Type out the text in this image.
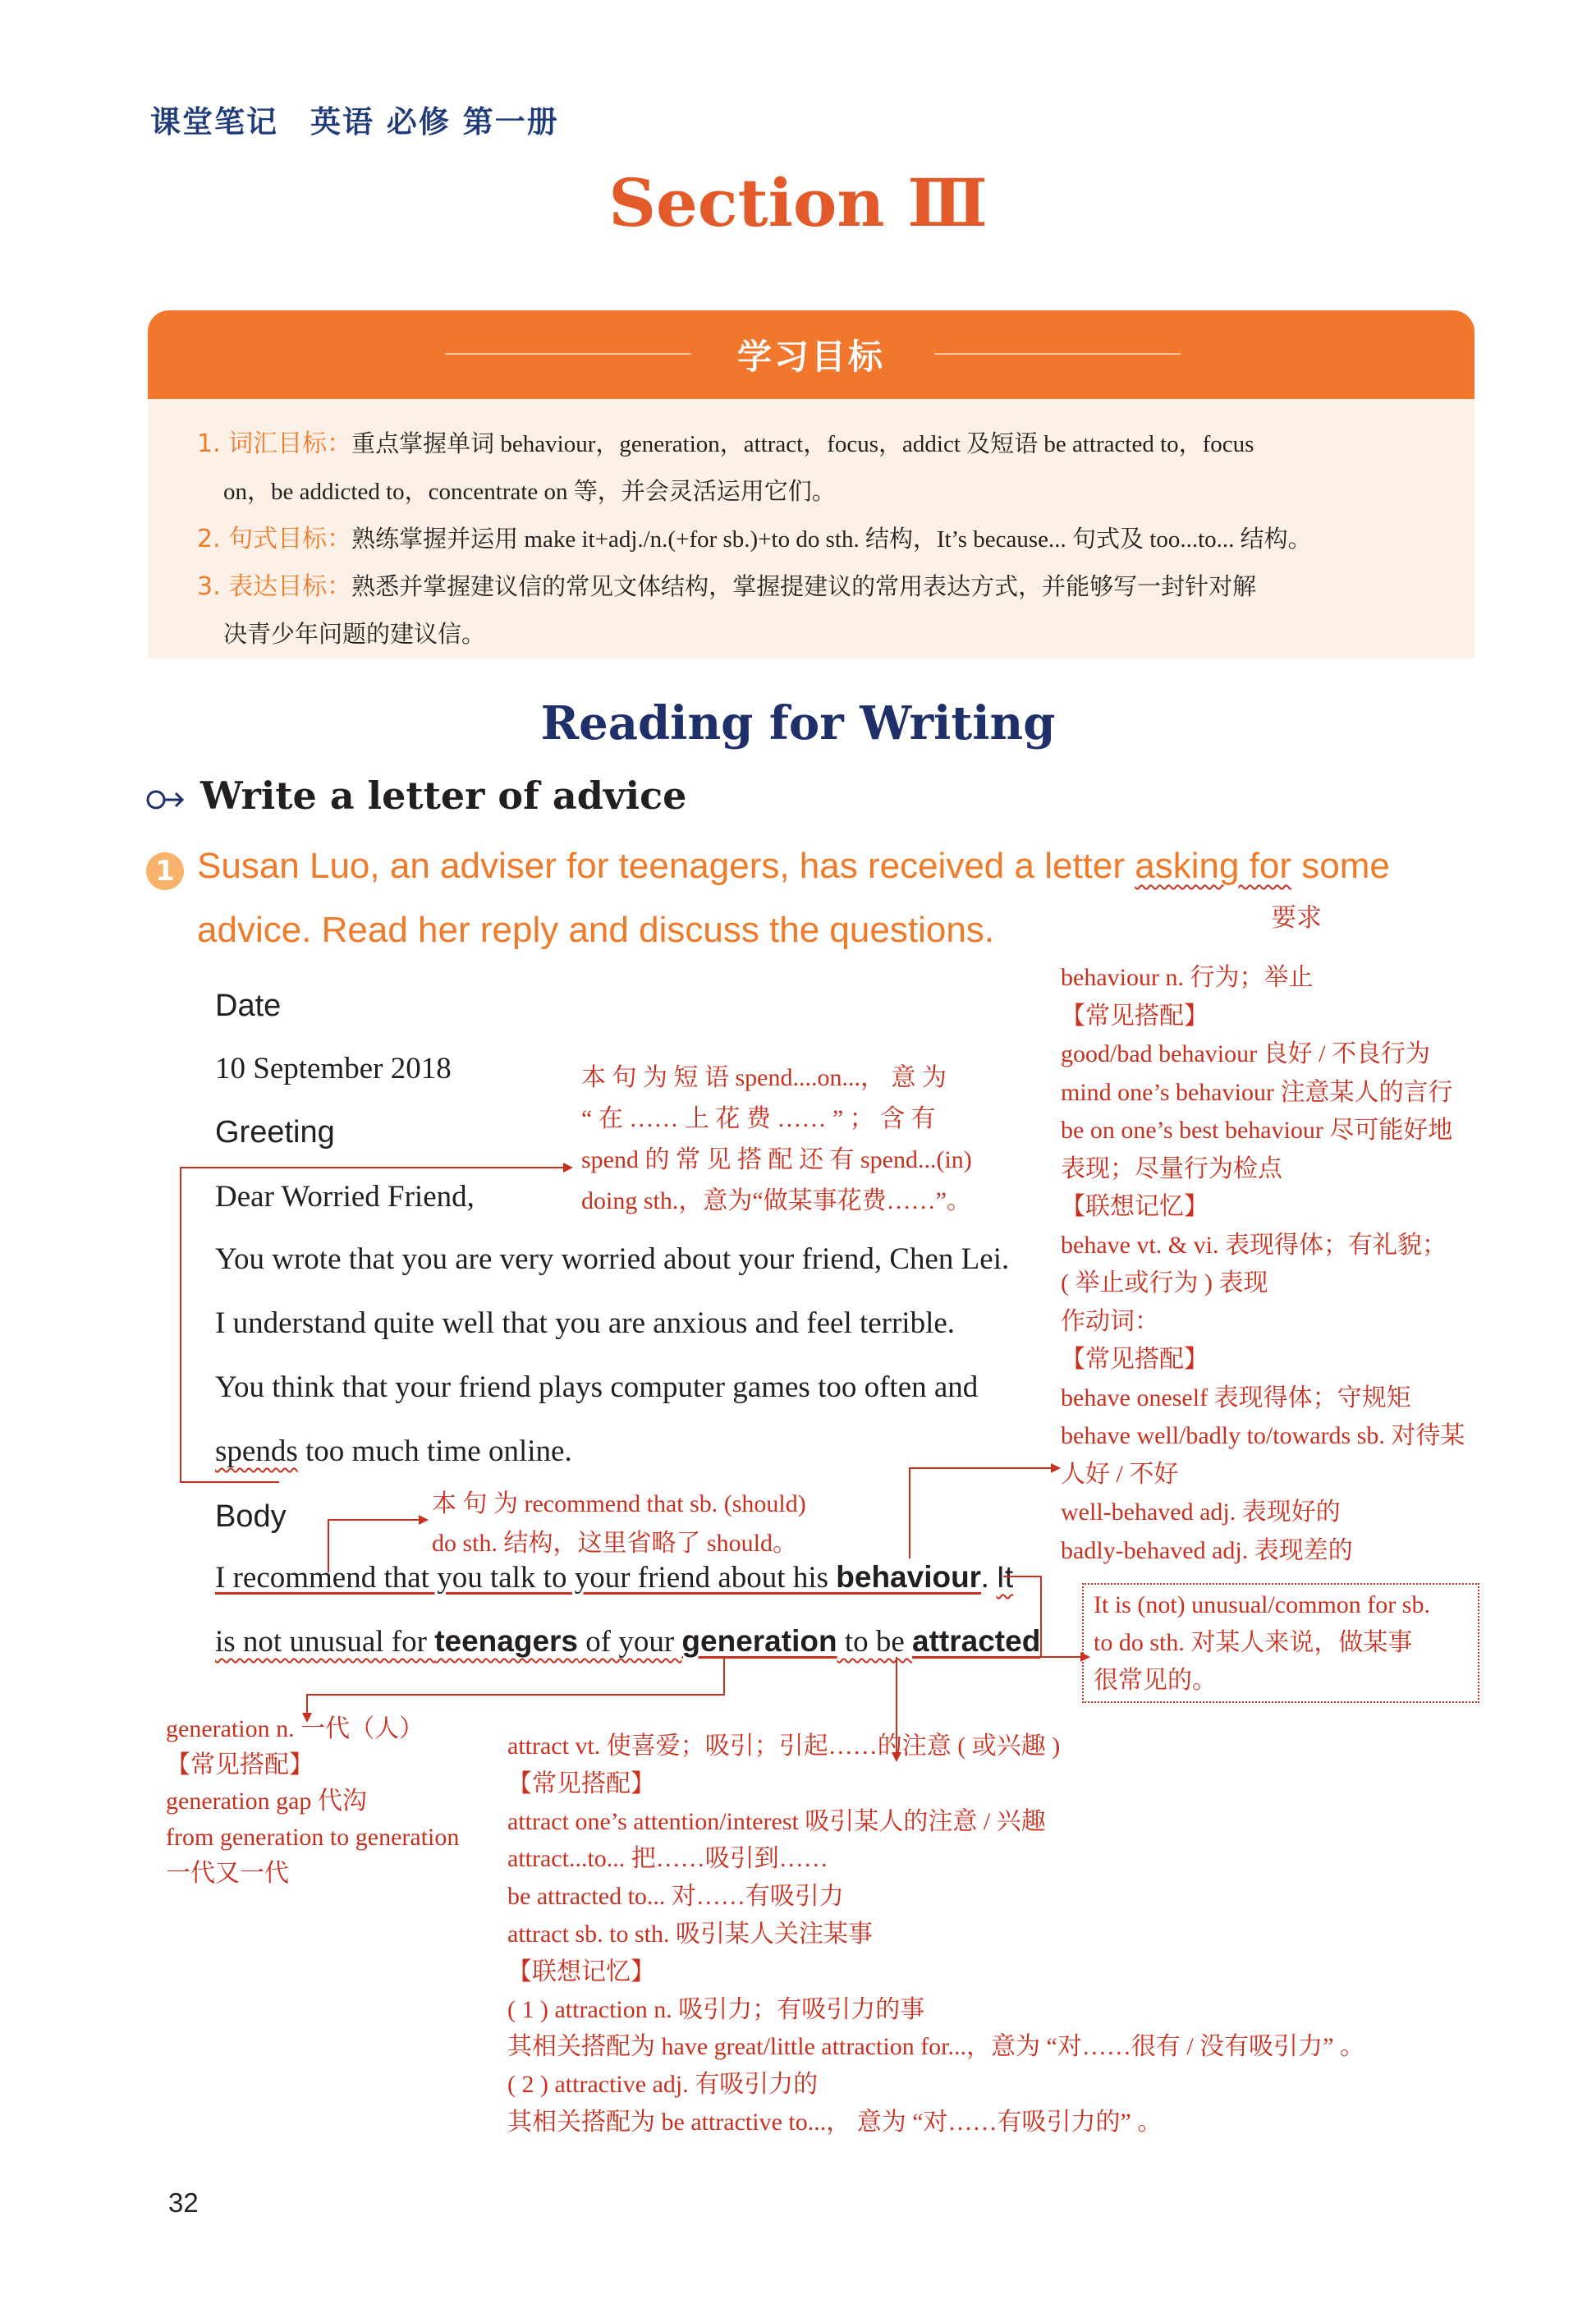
课堂笔记　英语 必修 第一册
Section Ⅲ
学习目标
1. 词汇目标：重点掌握单词 behaviour，generation，attract，focus，addict 及短语 be attracted to，focus
on，be addicted to，concentrate on 等，并会灵活运用它们。
2. 句式目标：熟练掌握并运用 make it+adj./n.(+for sb.)+to do sth. 结构，It’s because... 句式及 too...to... 结构。
3. 表达目标：熟悉并掌握建议信的常见文体结构，掌握提建议的常用表达方式，并能够写一封针对解
决青少年问题的建议信。
Reading for Writing
Write a letter of advice
1 Susan Luo, an adviser for teenagers, has received a letter asking for some
要求
advice. Read her reply and discuss the questions.
Date
10 September 2018
Greeting
Dear Worried Friend,
You wrote that you are very worried about your friend, Chen Lei.
I understand quite well that you are anxious and feel terrible.
You think that your friend plays computer games too often and
spends too much time online.
Body
I recommend that you talk to your friend about his behaviour. It
is not unusual for teenagers of your generation to be attracted
本 句 为 短 语 spend....on...， 意 为
“ 在 …… 上 花 费 …… ” ； 含 有
spend 的 常 见 搭 配 还 有 spend...(in)
doing sth.，意为“做某事花费……”。
本 句 为 recommend that sb. (should)
do sth. 结构，这里省略了 should。
behaviour n. 行为；举止
【常见搭配】
good/bad behaviour 良好 / 不良行为
mind one’s behaviour 注意某人的言行
be on one’s best behaviour 尽可能好地
表现；尽量行为检点
【联想记忆】
behave vt. & vi. 表现得体；有礼貌；
( 举止或行为 ) 表现
作动词：
【常见搭配】
behave oneself 表现得体；守规矩
behave well/badly to/towards sb. 对待某
人好 / 不好
well-behaved adj. 表现好的
badly-behaved adj. 表现差的
It is (not) unusual/common for sb.
to do sth. 对某人来说，做某事
很常见的。
generation n. 一代（人）
【常见搭配】
generation gap 代沟
from generation to generation
一代又一代
attract vt. 使喜爱；吸引；引起……的注意 ( 或兴趣 )
【常见搭配】
attract one’s attention/interest 吸引某人的注意 / 兴趣
attract...to... 把……吸引到……
be attracted to... 对……有吸引力
attract sb. to sth. 吸引某人关注某事
【联想记忆】
( 1 ) attraction n. 吸引力；有吸引力的事
其相关搭配为 have great/little attraction for...，意为 “对……很有 / 没有吸引力” 。
( 2 ) attractive adj. 有吸引力的
其相关搭配为 be attractive to...， 意为 “对……有吸引力的” 。
32
